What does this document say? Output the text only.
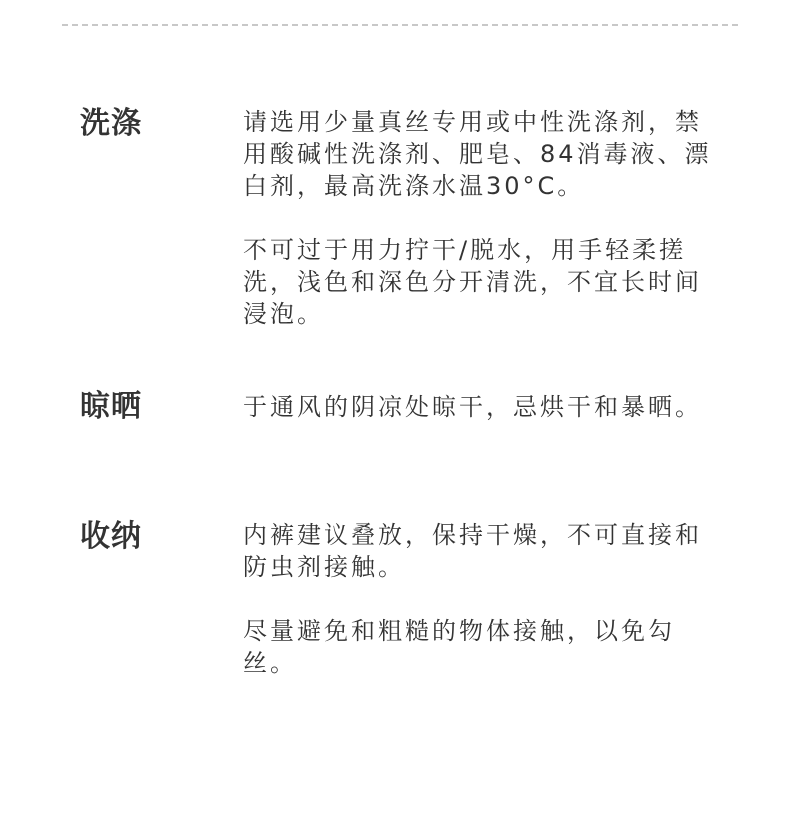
洗涤	请选用少量真丝专用或中性洗涤剂，禁用酸碱性洗涤剂、肥皂、84消毒液、漂白剂，最高洗涤水温30°C。

不可过于用力拧干/脱水，用手轻柔搓洗，浅色和深色分开清洗，不宜长时间浸泡。

晾晒	于通风的阴凉处晾干，忌烘干和暴晒。

收纳	内裤建议叠放，保持干燥，不可直接和防虫剂接触。

尽量避免和粗糙的物体接触，以免勾丝。
